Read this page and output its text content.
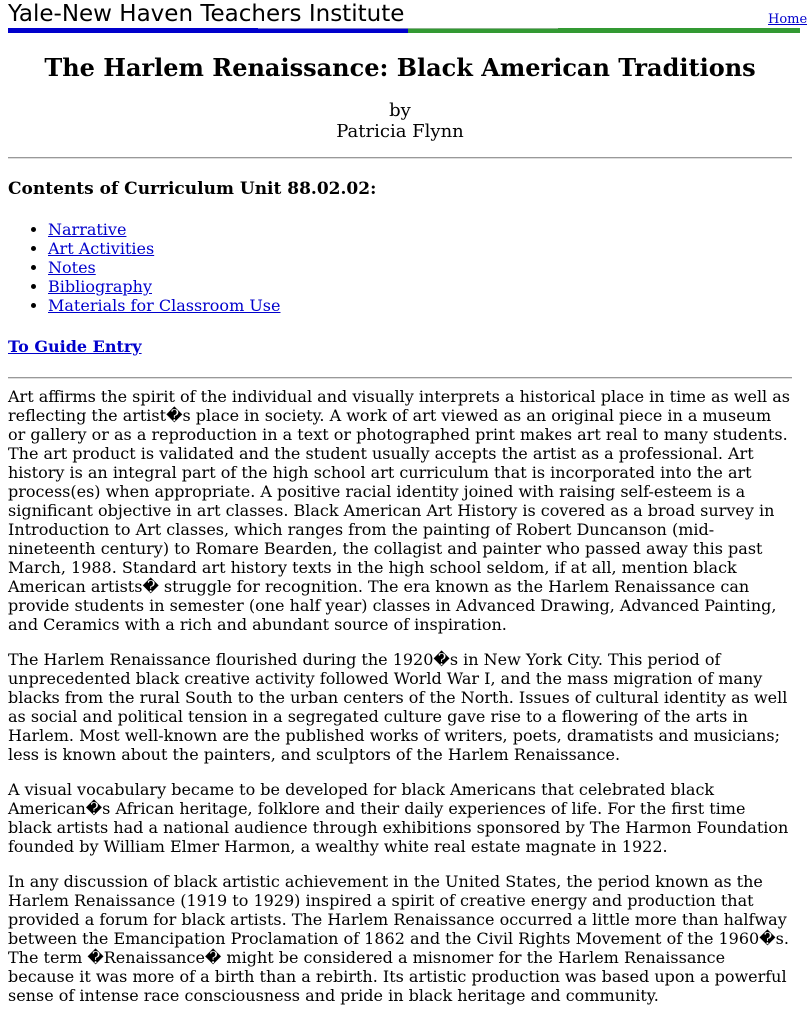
Yale-New Haven Teachers Institute	Home
The Harlem Renaissance: Black American Traditions
by
Patricia Flynn
Contents of Curriculum Unit 88.02.02:
• Narrative
• Art Activities
• Notes
• Bibliography
• Materials for Classroom Use
To Guide Entry

Art affirms the spirit of the individual and visually interprets a historical place in time as well as reflecting the artist�s place in society. A work of art viewed as an original piece in a museum or gallery or as a reproduction in a text or photographed print makes art real to many students. The art product is validated and the student usually accepts the artist as a professional. Art history is an integral part of the high school art curriculum that is incorporated into the art process(es) when appropriate. A positive racial identity joined with raising self-esteem is a significant objective in art classes. Black American Art History is covered as a broad survey in Introduction to Art classes, which ranges from the painting of Robert Duncanson (mid-nineteenth century) to Romare Bearden, the collagist and painter who passed away this past March, 1988. Standard art history texts in the high school seldom, if at all, mention black American artists� struggle for recognition. The era known as the Harlem Renaissance can provide students in semester (one half year) classes in Advanced Drawing, Advanced Painting, and Ceramics with a rich and abundant source of inspiration.

The Harlem Renaissance flourished during the 1920�s in New York City. This period of unprecedented black creative activity followed World War I, and the mass migration of many blacks from the rural South to the urban centers of the North. Issues of cultural identity as well as social and political tension in a segregated culture gave rise to a flowering of the arts in Harlem. Most well-known are the published works of writers, poets, dramatists and musicians; less is known about the painters, and sculptors of the Harlem Renaissance.

A visual vocabulary became to be developed for black Americans that celebrated black American�s African heritage, folklore and their daily experiences of life. For the first time black artists had a national audience through exhibitions sponsored by The Harmon Foundation founded by William Elmer Harmon, a wealthy white real estate magnate in 1922.

In any discussion of black artistic achievement in the United States, the period known as the Harlem Renaissance (1919 to 1929) inspired a spirit of creative energy and production that provided a forum for black artists. The Harlem Renaissance occurred a little more than halfway between the Emancipation Proclamation of 1862 and the Civil Rights Movement of the 1960�s. The term �Renaissance� might be considered a misnomer for the Harlem Renaissance because it was more of a birth than a rebirth. Its artistic production was based upon a powerful sense of intense race consciousness and pride in black heritage and community.
